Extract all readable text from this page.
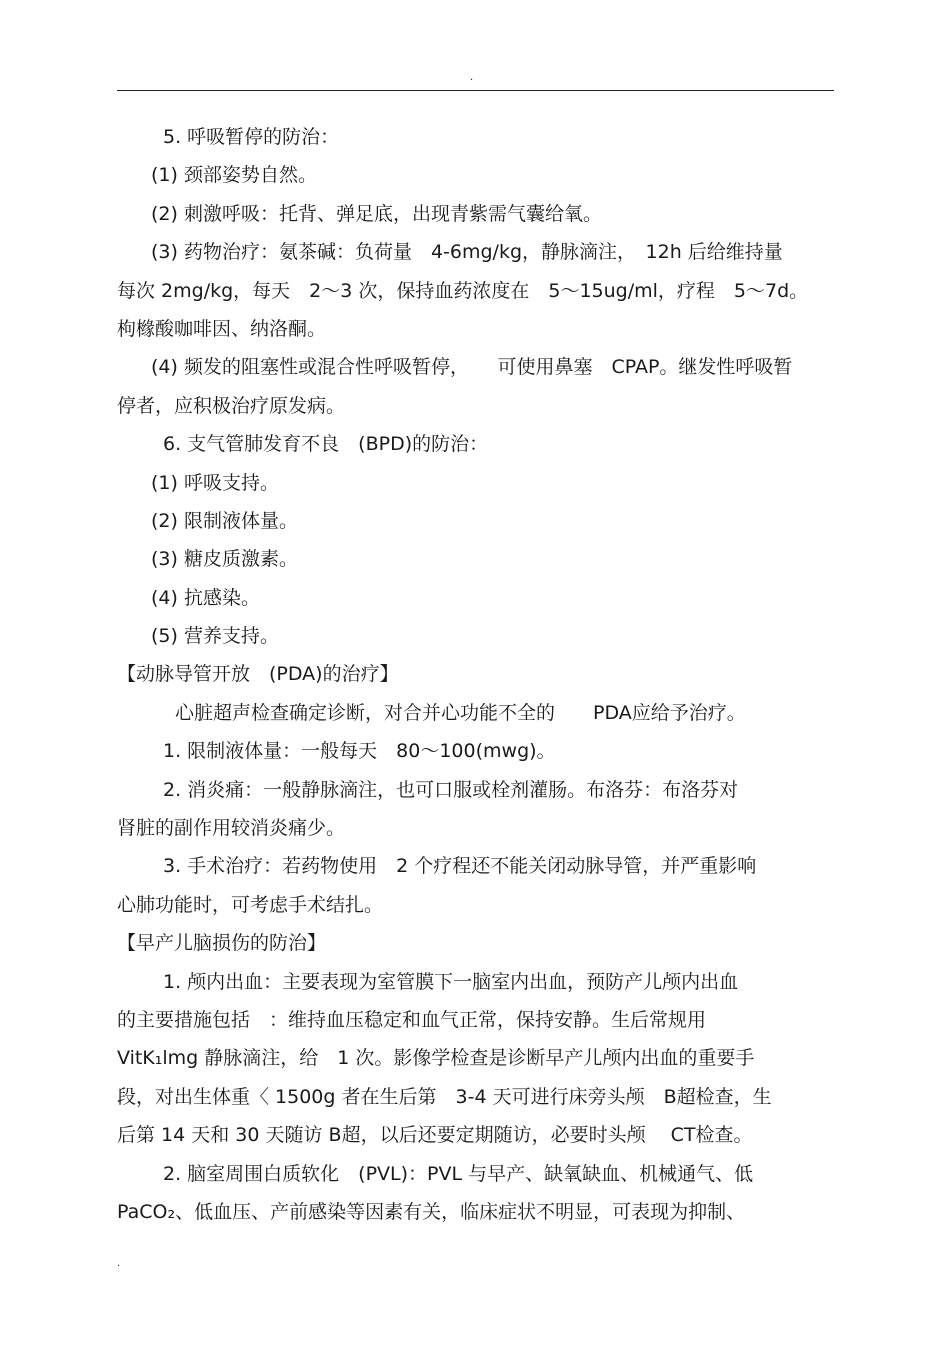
.
5. 呼吸暂停的防治：
(1) 颈部姿势自然。
(2) 刺激呼吸：托背、弹足底，出现青紫需气囊给氧。
(3) 药物治疗：氨茶碱：负荷量　4-6mg/kg，静脉滴注，　12h 后给维持量
每次 2mg/kg，每天　2～3 次，保持血药浓度在　5～15ug/ml，疗程　5～7d。
枸橼酸咖啡因、纳洛酮。
(4) 频发的阻塞性或混合性呼吸暂停，　　可使用鼻塞　CPAP。继发性呼吸暂
停者，应积极治疗原发病。
6. 支气管肺发育不良　(BPD)的防治：
(1) 呼吸支持。
(2) 限制液体量。
(3) 糖皮质激素。
(4) 抗感染。
(5) 营养支持。
【动脉导管开放　(PDA)的治疗】
心脏超声检查确定诊断，对合并心功能不全的　　PDA应给予治疗。
1. 限制液体量：一般每天　80～100(mwg)。
2. 消炎痛：一般静脉滴注，也可口服或栓剂灌肠。布洛芬：布洛芬对
肾脏的副作用较消炎痛少。
3. 手术治疗：若药物使用　2 个疗程还不能关闭动脉导管，并严重影响
心肺功能时，可考虑手术结扎。
【早产儿脑损伤的防治】
1. 颅内出血：主要表现为室管膜下一脑室内出血，预防产儿颅内出血
的主要措施包括　：维持血压稳定和血气正常，保持安静。生后常规用
VitK₁lmg 静脉滴注，给　1 次。影像学检查是诊断早产儿颅内出血的重要手
段，对出生体重〈 1500g 者在生后第　3-4 天可进行床旁头颅　B超检查，生
后第 14 天和 30 天随访 B超，以后还要定期随访，必要时头颅　 CT检查。
2. 脑室周围白质软化　(PVL)：PVL 与早产、缺氧缺血、机械通气、低
PaCO₂、低血压、产前感染等因素有关，临床症状不明显，可表现为抑制、
.
